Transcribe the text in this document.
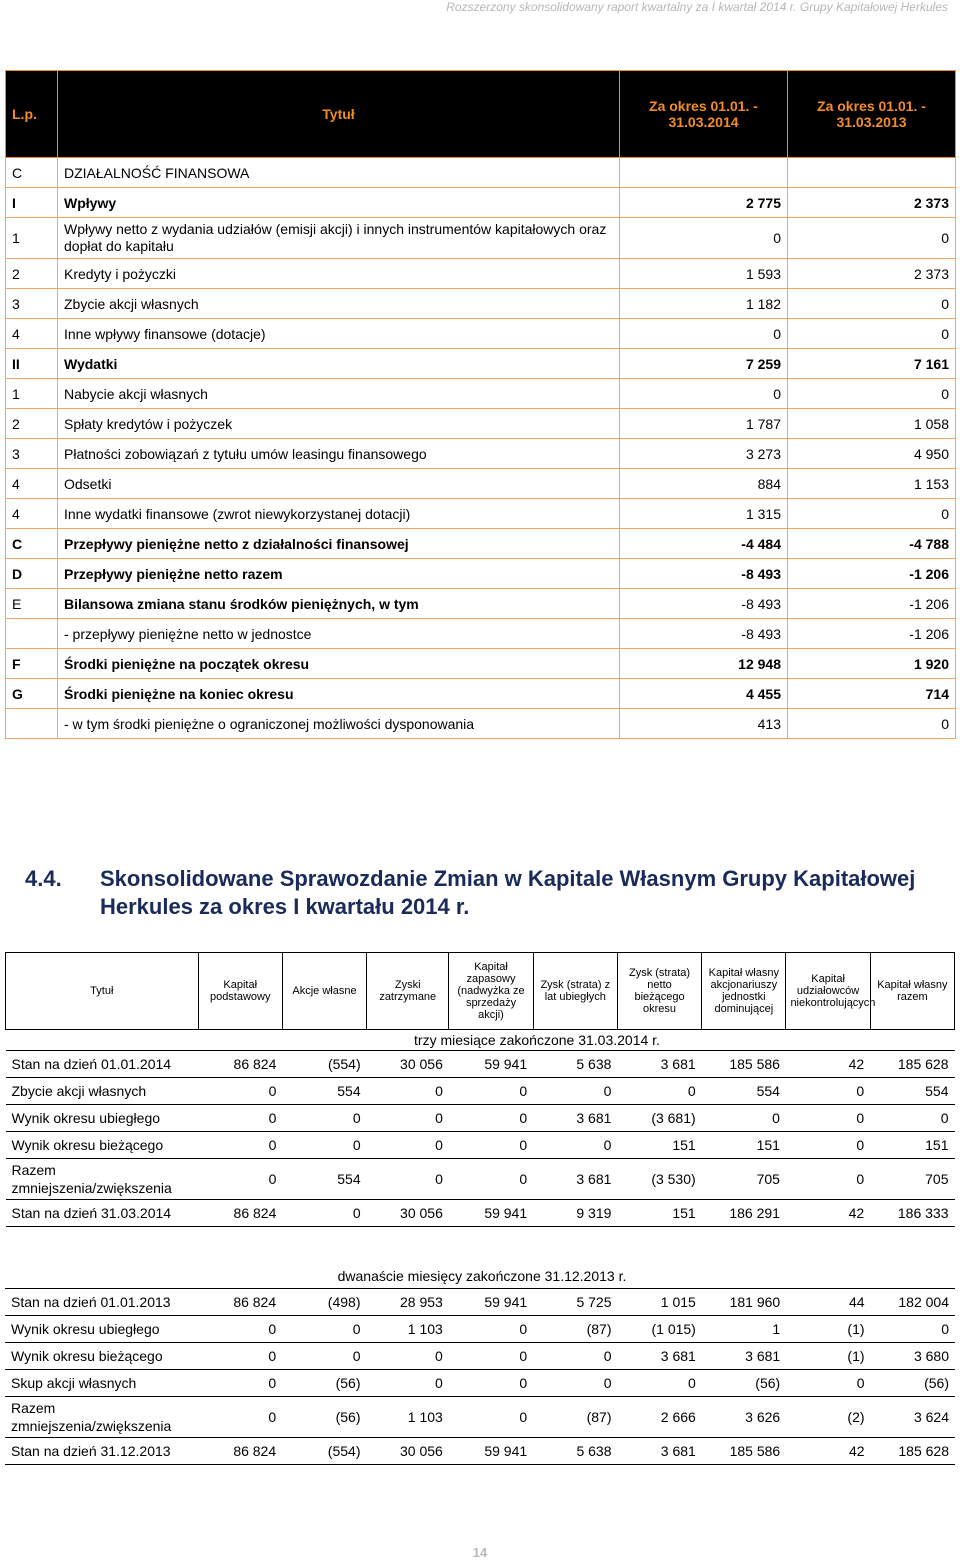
Rozszerzony skonsolidowany raport kwartalny za I kwartał 2014 r. Grupy Kapitałowej Herkules
L.p.	Tytuł	Za okres 01.01. - 31.03.2014	Za okres 01.01. - 31.03.2013
C	DZIAŁALNOŚĆ FINANSOWA		
I	Wpływy	2 775	2 373
1	Wpływy netto z wydania udziałów (emisji akcji) i innych instrumentów kapitałowych oraz dopłat do kapitału	0	0
2	Kredyty i pożyczki	1 593	2 373
3	Zbycie akcji własnych	1 182	0
4	Inne wpływy finansowe (dotacje)	0	0
II	Wydatki	7 259	7 161
1	Nabycie akcji własnych	0	0
2	Spłaty kredytów i pożyczek	1 787	1 058
3	Płatności zobowiązań z tytułu umów leasingu finansowego	3 273	4 950
4	Odsetki	884	1 153
4	Inne wydatki finansowe (zwrot niewykorzystanej dotacji)	1 315	0
C	Przepływy pieniężne netto z działalności finansowej	-4 484	-4 788
D	Przepływy pieniężne netto razem	-8 493	-1 206
E	Bilansowa zmiana stanu środków pieniężnych, w tym	-8 493	-1 206
	- przepływy pieniężne netto w jednostce	-8 493	-1 206
F	Środki pieniężne na początek okresu	12 948	1 920
G	Środki pieniężne na koniec okresu	4 455	714
	- w tym środki pieniężne o ograniczonej możliwości dysponowania	413	0
4.4.	Skonsolidowane Sprawozdanie Zmian w Kapitale Własnym Grupy Kapitałowej Herkules za okres I kwartału 2014 r.
Tytuł	Kapitał podstawowy	Akcje własne	Zyski zatrzymane	Kapitał zapasowy (nadwyżka ze sprzedaży akcji)	Zysk (strata) z lat ubiegłych	Zysk (strata) netto bieżącego okresu	Kapitał własny akcjonariuszy jednostki dominującej	Kapitał udziałowców niekontrolujących	Kapitał własny razem
trzy miesiące zakończone 31.03.2014 r.									
Stan na dzień 01.01.2014	86 824	(554)	30 056	59 941	5 638	3 681	185 586	42	185 628
Zbycie akcji własnych	0	554	0	0	0	0	554	0	554
Wynik okresu ubiegłego	0	0	0	0	3 681	(3 681)	0	0	0
Wynik okresu bieżącego	0	0	0	0	0	151	151	0	151
Razem zmniejszenia/zwiększenia	0	554	0	0	3 681	(3 530)	705	0	705
Stan na dzień 31.03.2014	86 824	0	30 056	59 941	9 319	151	186 291	42	186 333
dwanaście miesięcy zakończone 31.12.2013 r.									
Stan na dzień 01.01.2013	86 824	(498)	28 953	59 941	5 725	1 015	181 960	44	182 004
Wynik okresu ubiegłego	0	0	1 103	0	(87)	(1 015)	1	(1)	0
Wynik okresu bieżącego	0	0	0	0	0	3 681	3 681	(1)	3 680
Skup akcji własnych	0	(56)	0	0	0	0	(56)	0	(56)
Razem zmniejszenia/zwiększenia	0	(56)	1 103	0	(87)	2 666	3 626	(2)	3 624
Stan na dzień 31.12.2013	86 824	(554)	30 056	59 941	5 638	3 681	185 586	42	185 628
14
